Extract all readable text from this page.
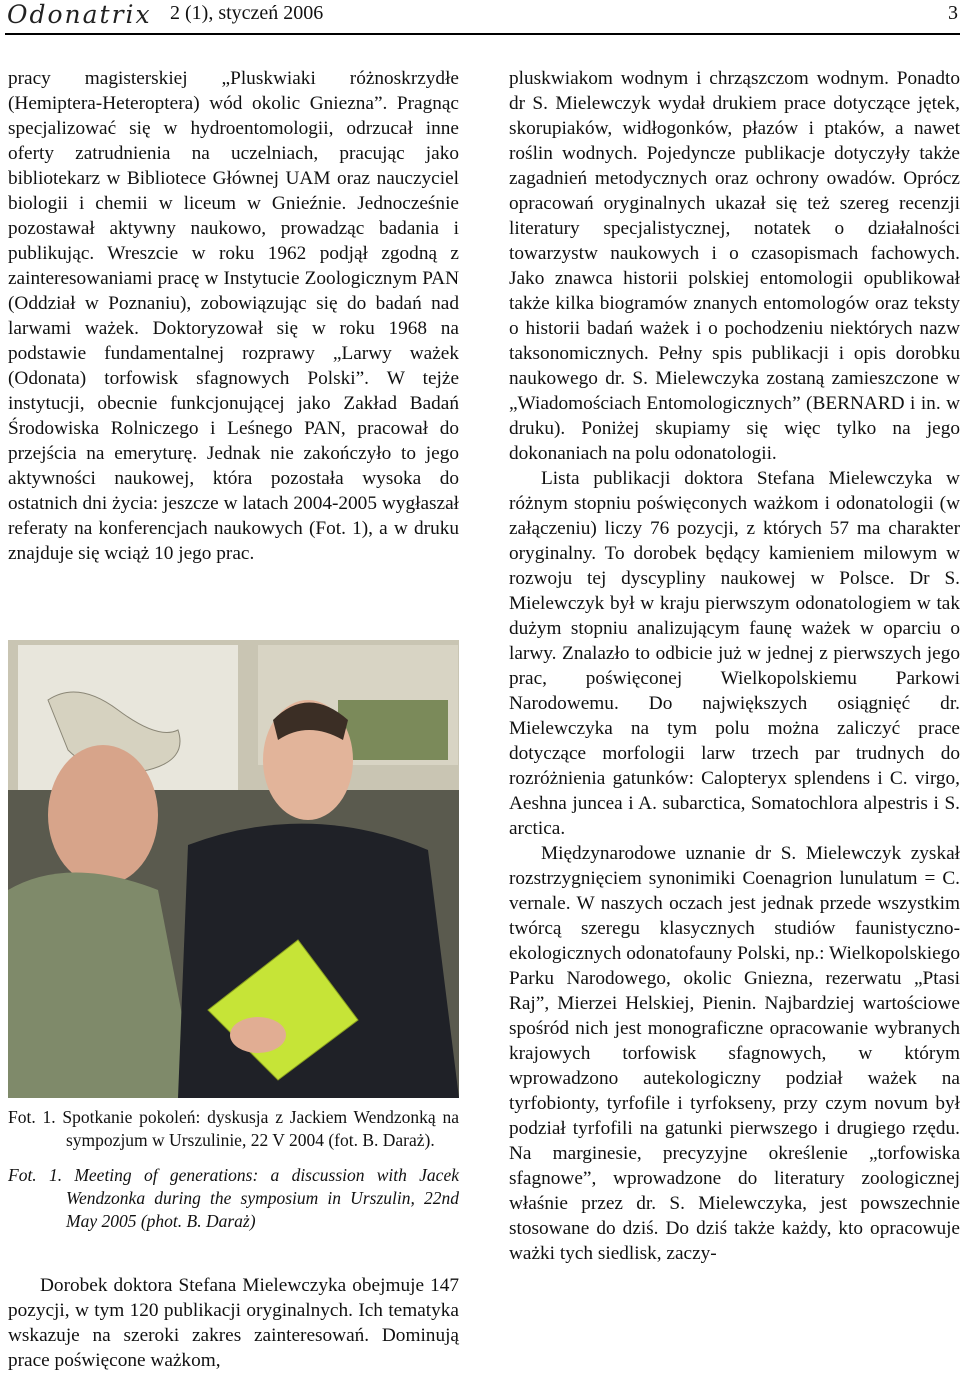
Odonatrix 2 (1), styczeń 2006	3

pracy magisterskiej „Pluskwiaki różnoskrzydłe (Hemiptera-Heteroptera) wód okolic Gniezna”. Pragnąc specjalizować się w hydroentomologii, odrzucał inne oferty zatrudnienia na uczelniach, pracując jako bibliotekarz w Bibliotece Głównej UAM oraz nauczyciel biologii i chemii w liceum w Gnieźnie. Jednocześnie pozostawał aktywny naukowo, prowadząc badania i publikując. Wreszcie w roku 1962 podjął zgodną z zainteresowaniami pracę w Instytucie Zoologicznym PAN (Oddział w Poznaniu), zobowiązując się do badań nad larwami ważek. Doktoryzował się w roku 1968 na podstawie fundamentalnej rozprawy „Larwy ważek (Odonata) torfowisk sfagnowych Polski”. W tejże instytucji, obecnie funkcjonującej jako Zakład Badań Środowiska Rolniczego i Leśnego PAN, pracował do przejścia na emeryturę. Jednak nie zakończyło to jego aktywności naukowej, która pozostała wysoka do ostatnich dni życia: jeszcze w latach 2004-2005 wygłaszał referaty na konferencjach naukowych (Fot. 1), a w druku znajduje się wciąż 10 jego prac.

Fot. 1. Spotkanie pokoleń: dyskusja z Jackiem Wendzonką na sympozjum w Urszulinie, 22 V 2004 (fot. B. Daraż).

Fot. 1. Meeting of generations: a discussion with Jacek Wendzonka during the symposium in Urszulin, 22nd May 2005 (phot. B. Daraż)

Dorobek doktora Stefana Mielewczyka obejmuje 147 pozycji, w tym 120 publikacji oryginalnych. Ich tematyka wskazuje na szeroki zakres zainteresowań. Dominują prace poświęcone ważkom,

pluskwiakom wodnym i chrząszczom wodnym. Ponadto dr S. Mielewczyk wydał drukiem prace dotyczące jętek, skorupiaków, widłogonków, płazów i ptaków, a nawet roślin wodnych. Pojedyncze publikacje dotyczyły także zagadnień metodycznych oraz ochrony owadów. Oprócz opracowań oryginalnych ukazał się też szereg recenzji literatury specjalistycznej, notatek o działalności towarzystw naukowych i o czasopismach fachowych. Jako znawca historii polskiej entomologii opublikował także kilka biogramów znanych entomologów oraz teksty o historii badań ważek i o pochodzeniu niektórych nazw taksonomicznych. Pełny spis publikacji i opis dorobku naukowego dr. S. Mielewczyka zostaną zamieszczone w „Wiadomościach Entomologicznych” (BERNARD i in. w druku). Poniżej skupiamy się więc tylko na jego dokonaniach na polu odonatologii.

Lista publikacji doktora Stefana Mielewczyka w różnym stopniu poświęconych ważkom i odonatologii (w załączeniu) liczy 76 pozycji, z których 57 ma charakter oryginalny. To dorobek będący kamieniem milowym w rozwoju tej dyscypliny naukowej w Polsce. Dr S. Mielewczyk był w kraju pierwszym odonatologiem w tak dużym stopniu analizującym faunę ważek w oparciu o larwy. Znalazło to odbicie już w jednej z pierwszych jego prac, poświęconej Wielkopolskiemu Parkowi Narodowemu. Do największych osiągnięć dr. Mielewczyka na tym polu można zaliczyć prace dotyczące morfologii larw trzech par trudnych do rozróżnienia gatunków: Calopteryx splendens i C. virgo, Aeshna juncea i A. subarctica, Somatochlora alpestris i S. arctica.

Międzynarodowe uznanie dr S. Mielewczyk zyskał rozstrzygnięciem synonimiki Coenagrion lunulatum = C. vernale. W naszych oczach jest jednak przede wszystkim twórcą szeregu klasycznych studiów faunistyczno-ekologicznych odonatofauny Polski, np.: Wielkopolskiego Parku Narodowego, okolic Gniezna, rezerwatu „Ptasi Raj”, Mierzei Helskiej, Pienin. Najbardziej wartościowe spośród nich jest monograficzne opracowanie wybranych krajowych torfowisk sfagnowych, w którym wprowadzono autekologiczny podział ważek na tyrfobionty, tyrfofile i tyrfokseny, przy czym novum był podział tyrfofili na gatunki pierwszego i drugiego rzędu. Na marginesie, precyzyjne określenie „torfowiska sfagnowe”, wprowadzone do literatury zoologicznej właśnie przez dr. S. Mielewczyka, jest powszechnie stosowane do dziś. Do dziś także każdy, kto opracowuje ważki tych siedlisk, zaczy-
